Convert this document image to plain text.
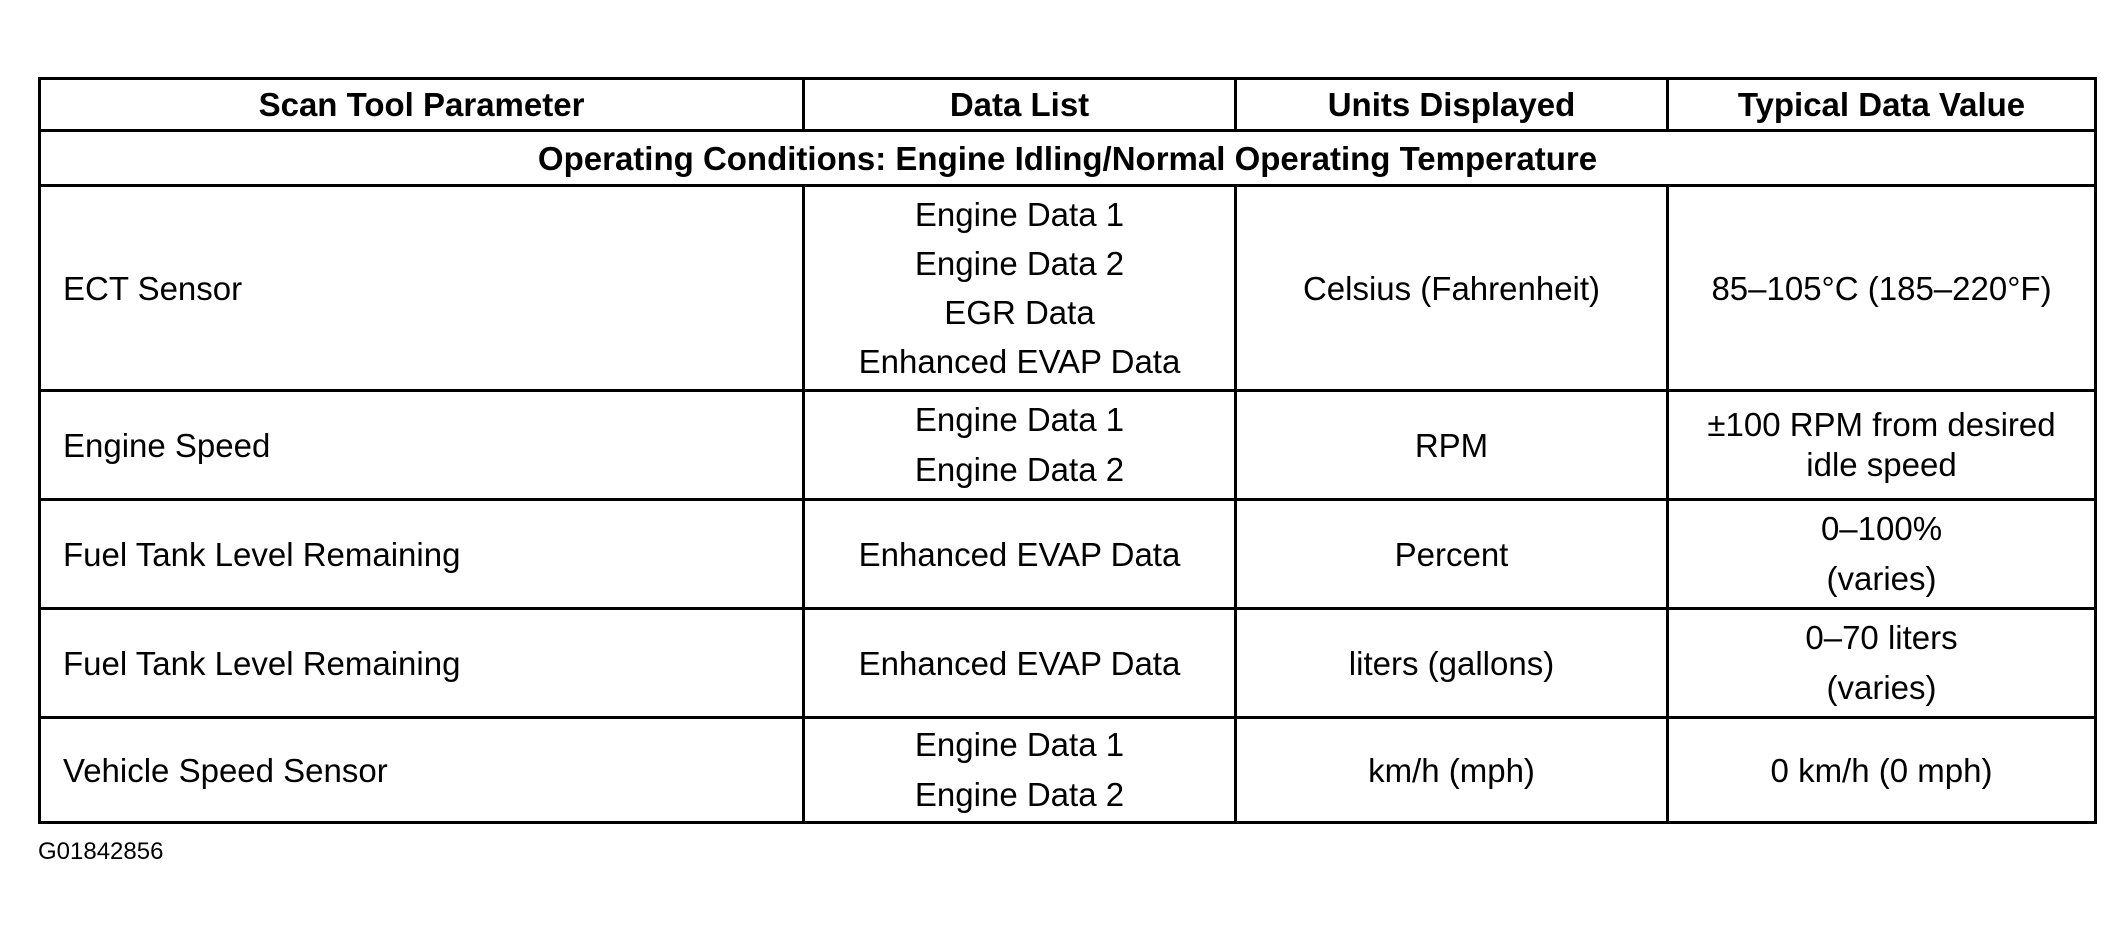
Scan Tool Parameter	Data List	Units Displayed	Typical Data Value
Operating Conditions: Engine Idling/Normal Operating Temperature			
ECT Sensor	Engine Data 1
Engine Data 2
EGR Data
Enhanced EVAP Data	Celsius (Fahrenheit)	85–105°C (185–220°F)

Engine Speed	Engine Data 1
Engine Data 2	RPM	±100 RPM from desired
idle speed

Fuel Tank Level Remaining	Enhanced EVAP Data	Percent	0–100%
(varies)

Fuel Tank Level Remaining	Enhanced EVAP Data	liters (gallons)	0–70 liters
(varies)

Vehicle Speed Sensor	Engine Data 1
Engine Data 2	km/h (mph)	0 km/h (0 mph)
G01842856
